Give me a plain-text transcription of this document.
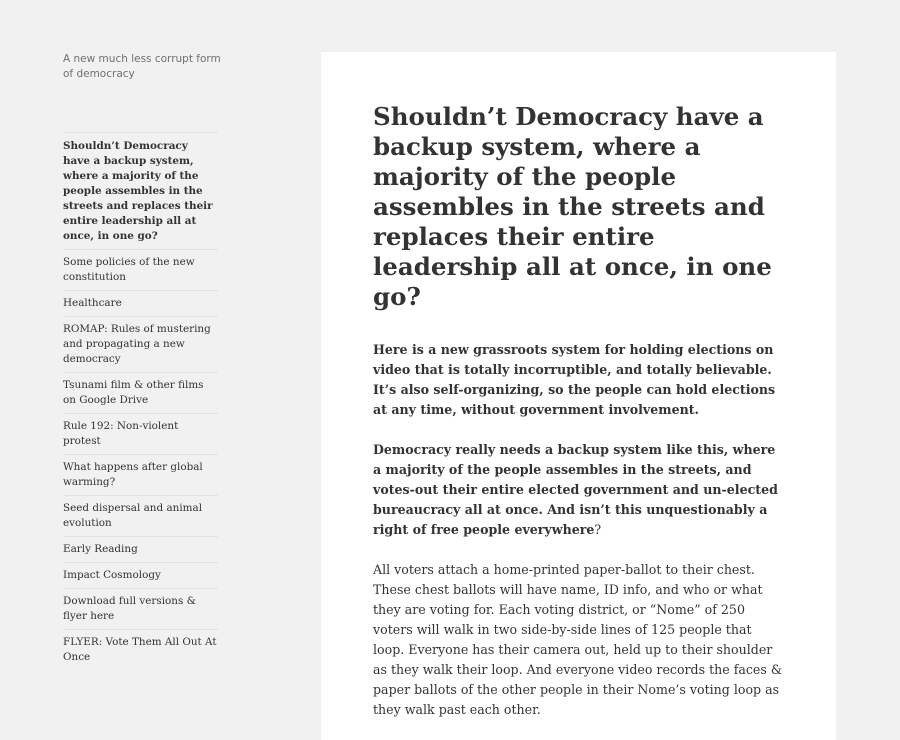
A new much less corrupt form of democracy
Shouldn’t Democracy have a backup system, where a majority of the people assembles in the streets and replaces their entire leadership all at once, in one go?
Some policies of the new constitution
Healthcare
ROMAP: Rules of mustering and propagating a new democracy
Tsunami film & other films on Google Drive
Rule 192: Non-violent protest
What happens after global warming?
Seed dispersal and animal evolution
Early Reading
Impact Cosmology
Download full versions & flyer here
FLYER: Vote Them All Out At Once
Shouldn’t Democracy have a backup system, where a majority of the people assembles in the streets and replaces their entire leadership all at once, in one go?

Here is a new grassroots system for holding elections on video that is totally incorruptible, and totally believable. It’s also self-organizing, so the people can hold elections at any time, without government involvement.

Democracy really needs a backup system like this, where a majority of the people assembles in the streets, and votes-out their entire elected government and un-elected bureaucracy all at once. And isn’t this unquestionably a right of free people everywhere?

All voters attach a home-printed paper-ballot to their chest. These chest ballots will have name, ID info, and who or what they are voting for. Each voting district, or “Nome” of 250 voters will walk in two side-by-side lines of 125 people that loop. Everyone has their camera out, held up to their shoulder as they walk their loop. And everyone video records the faces & paper ballots of the other people in their Nome’s voting loop as they walk past each other.
